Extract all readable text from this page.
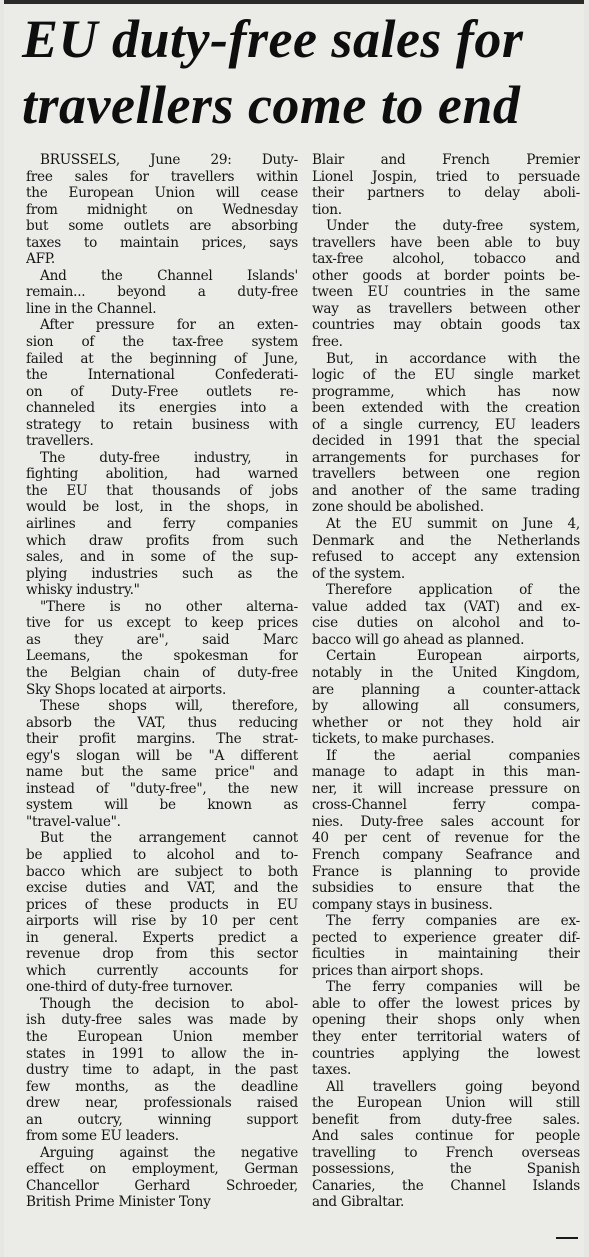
EU duty-free sales for
travellers come to end
BRUSSELS, June 29: Duty-
free sales for travellers within
the European Union will cease
from midnight on Wednesday
but some outlets are absorbing
taxes to maintain prices, says
AFP.
And the Channel Islands'
remain... beyond a duty-free
line in the Channel.
After pressure for an exten-
sion of the tax-free system
failed at the beginning of June,
the International Confederati-
on of Duty-Free outlets re-
channeled its energies into a
strategy to retain business with
travellers.
The duty-free industry, in
fighting abolition, had warned
the EU that thousands of jobs
would be lost, in the shops, in
airlines and ferry companies
which draw profits from such
sales, and in some of the sup-
plying industries such as the
whisky industry."
"There is no other alterna-
tive for us except to keep prices
as they are", said Marc
Leemans, the spokesman for
the Belgian chain of duty-free
Sky Shops located at airports.
These shops will, therefore,
absorb the VAT, thus reducing
their profit margins. The strat-
egy's slogan will be "A different
name but the same price" and
instead of "duty-free", the new
system will be known as
"travel-value".
But the arrangement cannot
be applied to alcohol and to-
bacco which are subject to both
excise duties and VAT, and the
prices of these products in EU
airports will rise by 10 per cent
in general. Experts predict a
revenue drop from this sector
which currently accounts for
one-third of duty-free turnover.
Though the decision to abol-
ish duty-free sales was made by
the European Union member
states in 1991 to allow the in-
dustry time to adapt, in the past
few months, as the deadline
drew near, professionals raised
an outcry, winning support
from some EU leaders.
Arguing against the negative
effect on employment, German
Chancellor Gerhard Schroeder,
British Prime Minister Tony
Blair and French Premier
Lionel Jospin, tried to persuade
their partners to delay aboli-
tion.
Under the duty-free system,
travellers have been able to buy
tax-free alcohol, tobacco and
other goods at border points be-
tween EU countries in the same
way as travellers between other
countries may obtain goods tax
free.
But, in accordance with the
logic of the EU single market
programme, which has now
been extended with the creation
of a single currency, EU leaders
decided in 1991 that the special
arrangements for purchases for
travellers between one region
and another of the same trading
zone should be abolished.
At the EU summit on June 4,
Denmark and the Netherlands
refused to accept any extension
of the system.
Therefore application of the
value added tax (VAT) and ex-
cise duties on alcohol and to-
bacco will go ahead as planned.
Certain European airports,
notably in the United Kingdom,
are planning a counter-attack
by allowing all consumers,
whether or not they hold air
tickets, to make purchases.
If the aerial companies
manage to adapt in this man-
ner, it will increase pressure on
cross-Channel ferry compa-
nies. Duty-free sales account for
40 per cent of revenue for the
French company Seafrance and
France is planning to provide
subsidies to ensure that the
company stays in business.
The ferry companies are ex-
pected to experience greater dif-
ficulties in maintaining their
prices than airport shops.
The ferry companies will be
able to offer the lowest prices by
opening their shops only when
they enter territorial waters of
countries applying the lowest
taxes.
All travellers going beyond
the European Union will still
benefit from duty-free sales.
And sales continue for people
travelling to French overseas
possessions, the Spanish
Canaries, the Channel Islands
and Gibraltar.
